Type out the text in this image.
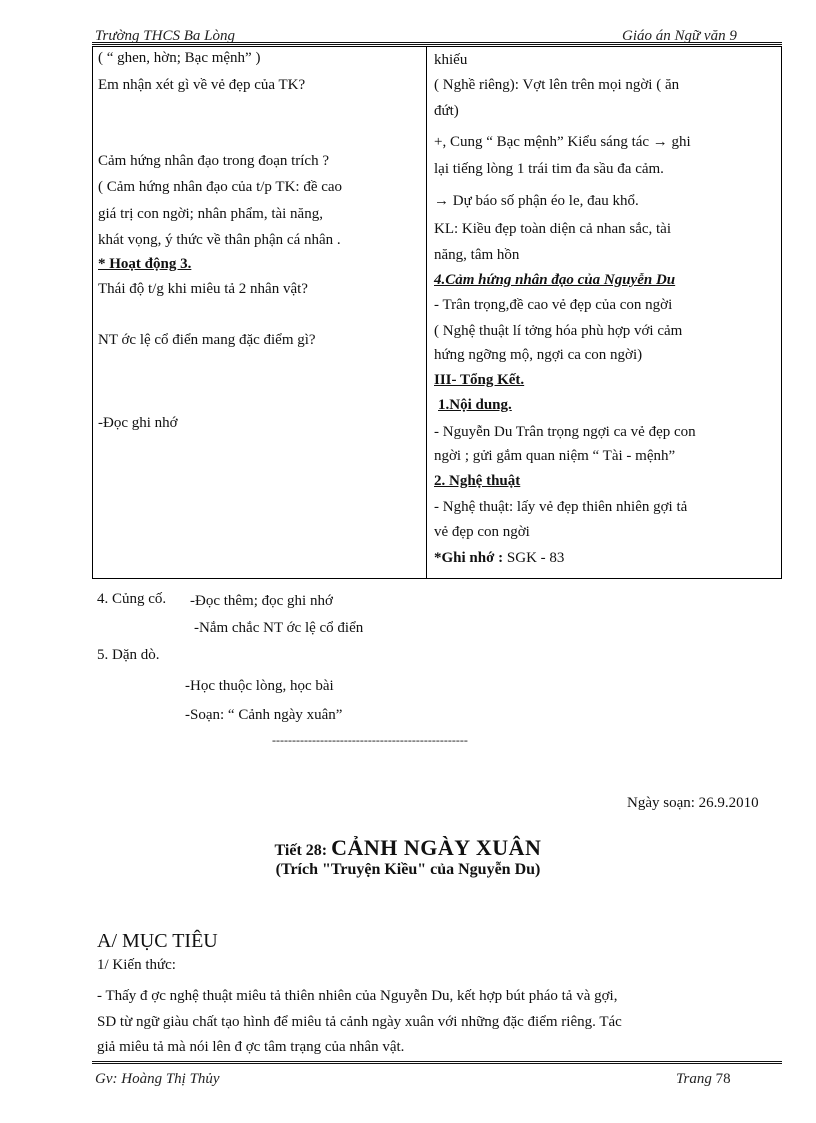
Trường THCS Ba Lòng	Giáo án Ngữ văn 9
( “ ghen, hờn; Bạc mệnh” )
Em nhận xét gì về vẻ đẹp của TK?
Cảm hứng nhân đạo trong đoạn trích ?
( Cảm hứng nhân đạo của t/p TK: đề cao
giá trị con ngời; nhân phẩm, tài năng,
khát vọng, ý thức về thân phận cá nhân .
* Hoạt động 3.
Thái độ t/g khi miêu tả 2 nhân vật?
NT ớc lệ cổ điển mang đặc điểm gì?
-Đọc ghi nhớ
khiếu
( Nghề riêng): Vợt lên trên mọi ngời ( ăn
đứt)
+, Cung “ Bạc mệnh” Kiểu sáng tác → ghi
lại tiếng lòng 1 trái tim đa sầu đa cảm.
→ Dự báo số phận éo le, đau khổ.
KL: Kiều đẹp toàn diện cả nhan sắc, tài
năng, tâm hồn
4.Cảm hứng nhân đạo của Nguyễn Du
- Trân trọng,đề cao vẻ đẹp của con ngời
( Nghệ thuật lí tởng hóa phù hợp với cảm
hứng ngỡng mộ, ngợi ca con ngời)
III- Tổng Kết.
1.Nội dung.
- Nguyễn Du Trân trọng ngợi ca vẻ đẹp con
ngời ; gửi gắm quan niệm “ Tài - mệnh”
2. Nghệ thuật
- Nghệ thuật: lấy vẻ đẹp thiên nhiên gợi tả
vẻ đẹp con ngời
*Ghi nhớ : SGK - 83
4. Củng cố. -Đọc thêm; đọc ghi nhớ
-Nắm chắc NT ớc lệ cổ điển
5. Dặn dò.
-Học thuộc lòng, học bài
-Soạn: “ Cảnh ngày xuân”
-------------------------------------------------
Ngày soạn: 26.9.2010
Tiết 28: CẢNH NGÀY XUÂN
(Trích "Truyện Kiều" của Nguyễn Du)
A/ MỤC TIÊU
1/ Kiến thức:
- Thấy đ ợc nghệ thuật miêu tả thiên nhiên của Nguyễn Du, kết hợp bút pháo tả và gợi,
SD từ ngữ giàu chất tạo hình để miêu tả cảnh ngày xuân với những đặc điểm riêng. Tác
giả miêu tả mà nói lên đ ợc tâm trạng của nhân vật.
Gv: Hoàng Thị Thủy	Trang 78
